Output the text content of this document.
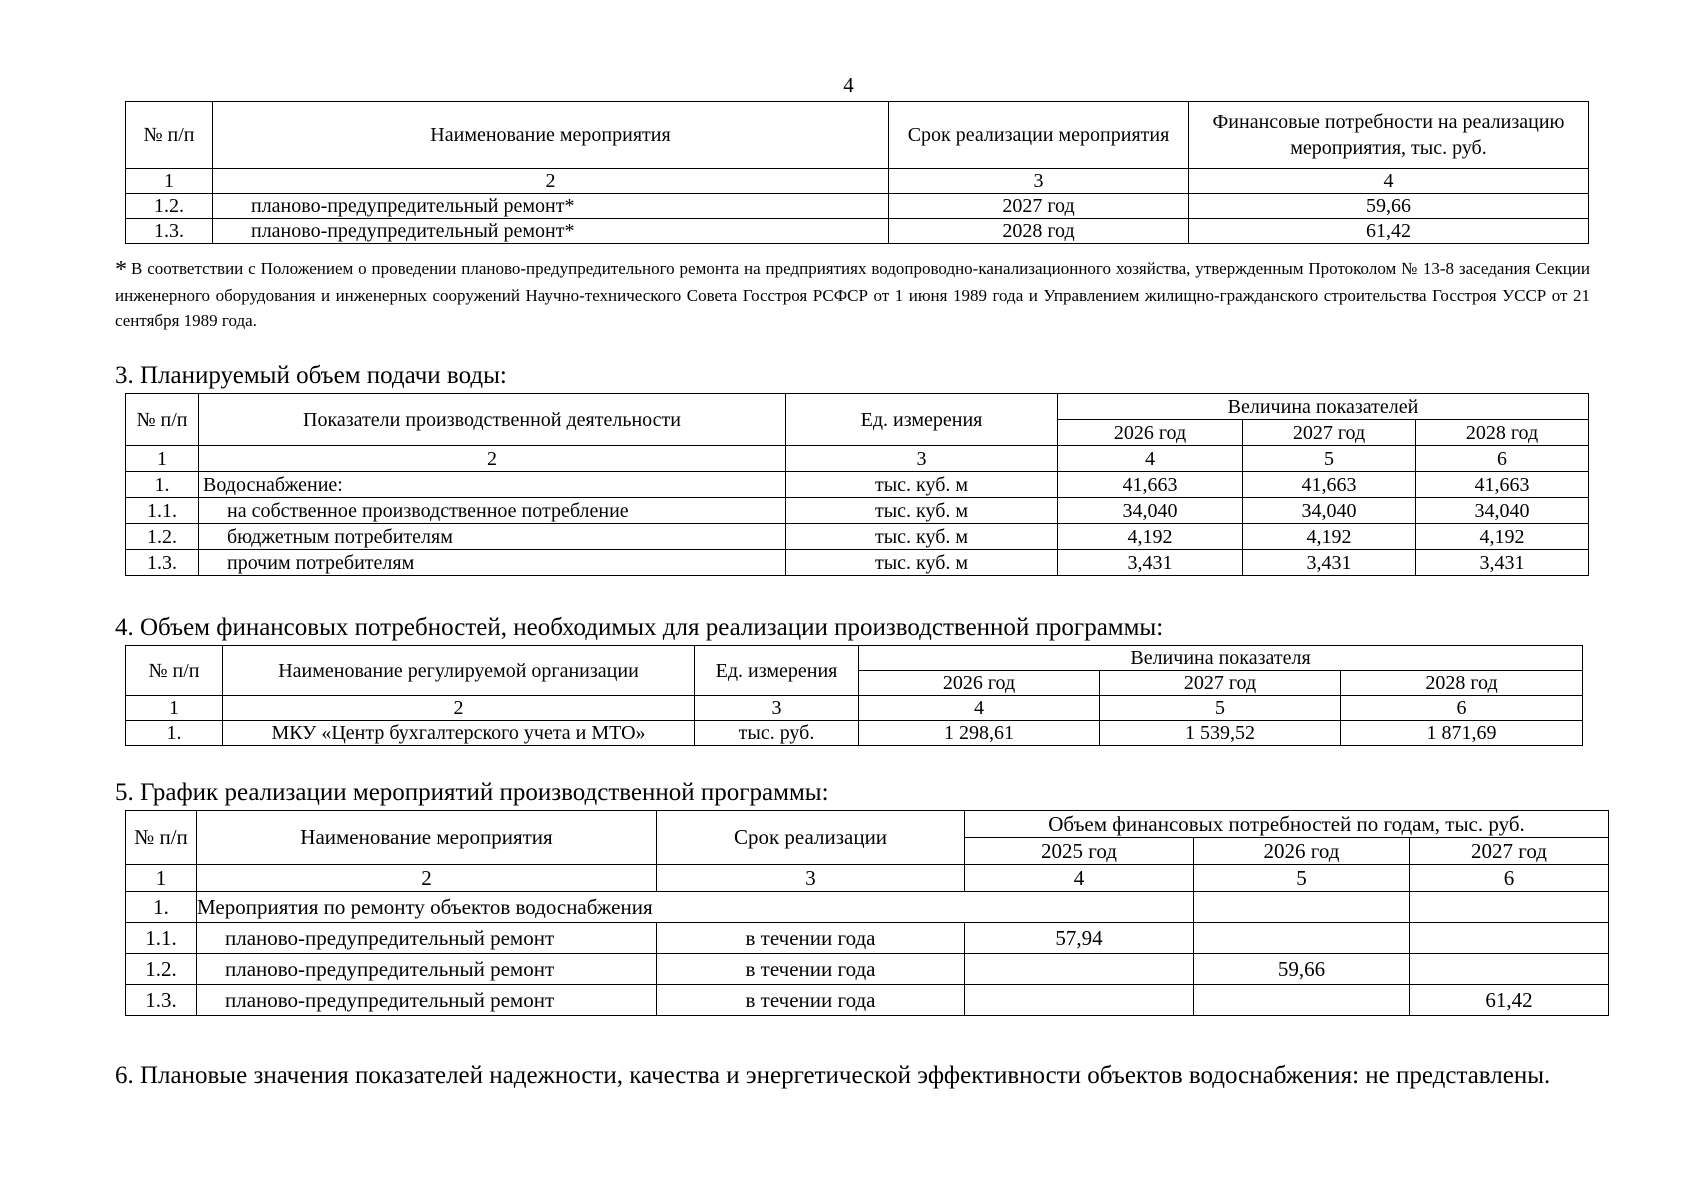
4
№ п/п	Наименование мероприятия	Срок реализации мероприятия	Финансовые потребности на реализацию мероприятия, тыс. руб.
1	2	3	4
1.2.	планово-предупредительный ремонт*	2027 год	59,66
1.3.	планово-предупредительный ремонт*	2028 год	61,42
* В соответствии с Положением о проведении планово-предупредительного ремонта на предприятиях водопроводно-канализационного хозяйства, утвержденным Протоколом № 13-8 заседания Секции инженерного оборудования и инженерных сооружений Научно-технического Совета Госстроя РСФСР от 1 июня 1989 года и Управлением жилищно-гражданского строительства Госстроя УССР от 21 сентября 1989 года.
3. Планируемый объем подачи воды:
№ п/п	Показатели производственной деятельности	Ед. измерения	Величина показателей		
			2026 год	2027 год	2028 год
1	2	3	4	5	6
1.	Водоснабжение:	тыс. куб. м	41,663	41,663	41,663
1.1.	на собственное производственное потребление	тыс. куб. м	34,040	34,040	34,040
1.2.	бюджетным потребителям	тыс. куб. м	4,192	4,192	4,192
1.3.	прочим потребителям	тыс. куб. м	3,431	3,431	3,431
4. Объем финансовых потребностей, необходимых для реализации производственной программы:
№ п/п	Наименование регулируемой организации	Ед. измерения	Величина показателя		
			2026 год	2027 год	2028 год
1	2	3	4	5	6
1.	МКУ «Центр бухгалтерского учета и МТО»	тыс. руб.	1 298,61	1 539,52	1 871,69
5. График реализации мероприятий производственной программы:
№ п/п	Наименование мероприятия	Срок реализации	Объем финансовых потребностей по годам, тыс. руб.		
			2025 год	2026 год	2027 год
1	2	3	4	5	6
1.	Мероприятия по ремонту объектов водоснабжения				
1.1.	планово-предупредительный ремонт	в течении года	57,94		
1.2.	планово-предупредительный ремонт	в течении года		59,66	
1.3.	планово-предупредительный ремонт	в течении года			61,42
6. Плановые значения показателей надежности, качества и энергетической эффективности объектов водоснабжения: не представлены.
